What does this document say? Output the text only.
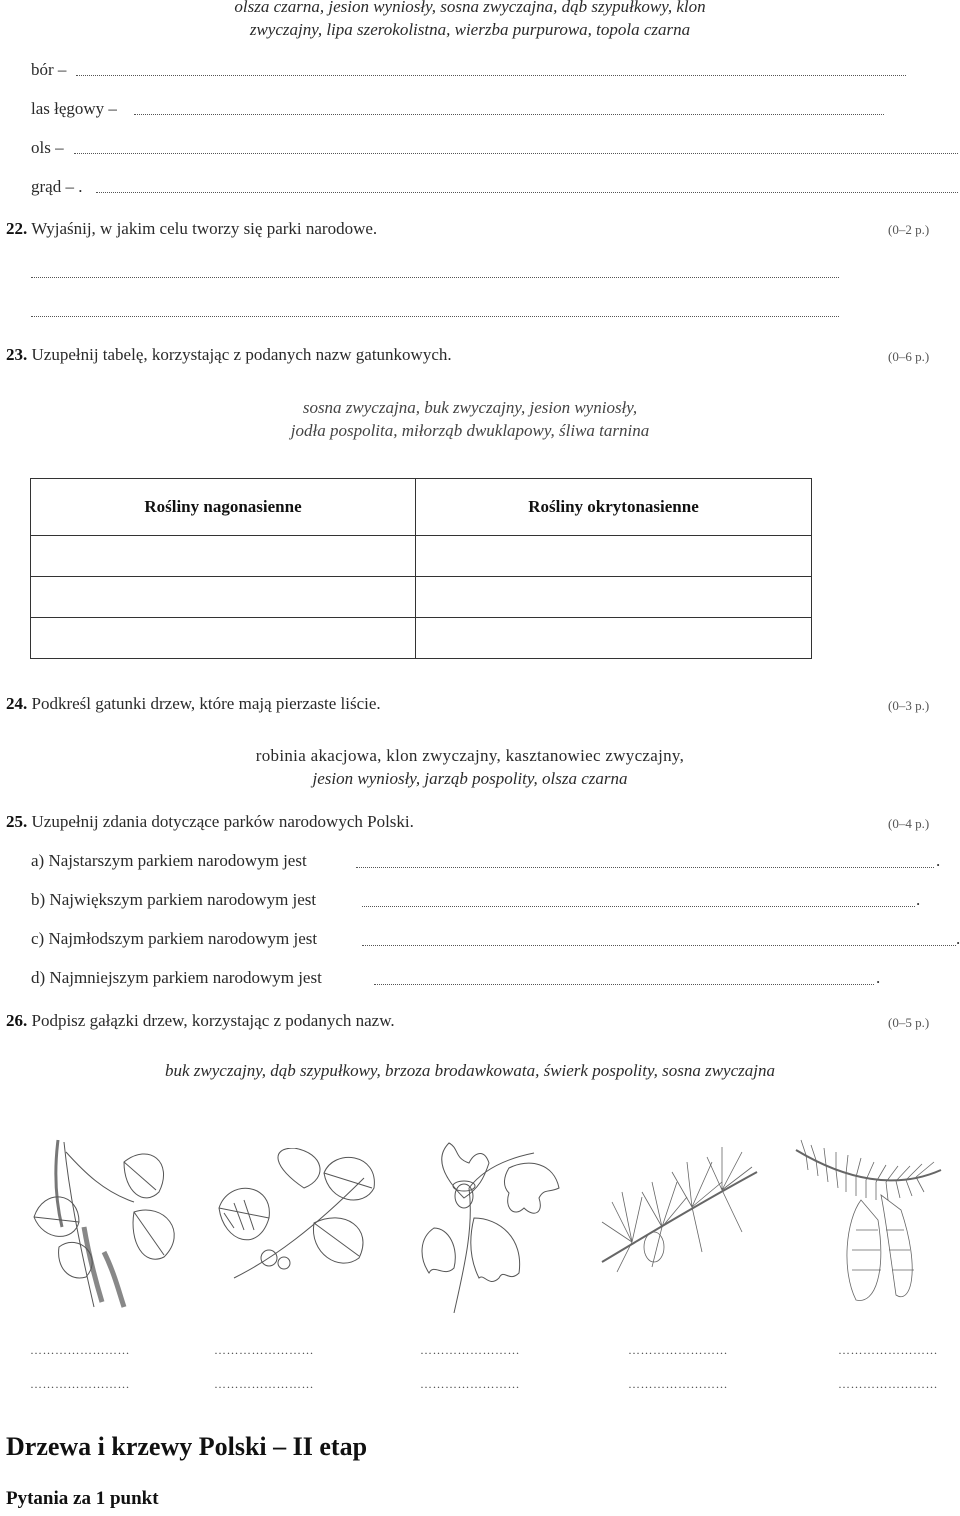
olsza czarna, jesion wyniosły, sosna zwyczajna, dąb szypułkowy, klon
zwyczajny, lipa szerokolistna, wierzba purpurowa, topola czarna
bór –
las łęgowy –
ols –
grąd – .
22. Wyjaśnij, w jakim celu tworzy się parki narodowe.	(0–2 p.)
23. Uzupełnij tabelę, korzystając z podanych nazw gatunkowych.	(0–6 p.)
sosna zwyczajna, buk zwyczajny, jesion wyniosły,
jodła pospolita, miłorząb dwuklapowy, śliwa tarnina
Rośliny nagonasienne	Rośliny okrytonasienne

24. Podkreśl gatunki drzew, które mają pierzaste liście.	(0–3 p.)
robinia akacjowa, klon zwyczajny, kasztanowiec zwyczajny,
jesion wyniosły, jarząb pospolity, olsza czarna
25. Uzupełnij zdania dotyczące parków narodowych Polski.	(0–4 p.)
a) Najstarszym parkiem narodowym jest	.
b) Największym parkiem narodowym jest	.
c) Najmłodszym parkiem narodowym jest	.
d) Najmniejszym parkiem narodowym jest	.
26. Podpisz gałązki drzew, korzystając z podanych nazw.	(0–5 p.)
buk zwyczajny, dąb szypułkowy, brzoza brodawkowata, świerk pospolity, sosna zwyczajna
……………………
……………………
……………………
……………………
……………………
……………………
……………………
……………………
……………………
……………………
Drzewa i krzewy Polski – II etap
Pytania za 1 punkt
